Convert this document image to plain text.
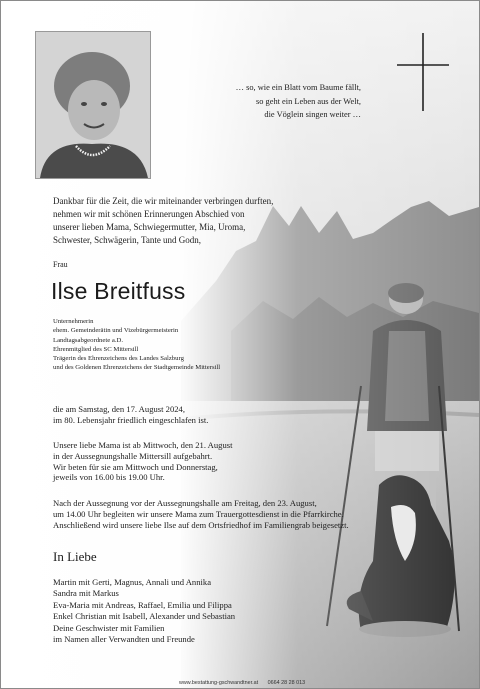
… so, wie ein Blatt vom Baume fällt,
so geht ein Leben aus der Welt,
die Vöglein singen weiter …
Dankbar für die Zeit, die wir miteinander verbringen durften,
nehmen wir mit schönen Erinnerungen Abschied von
unserer lieben Mama, Schwiegermutter, Mia, Uroma,
Schwester, Schwägerin, Tante und Godn,
Frau
Ilse Breitfuss
Unternehmerin
ehem. Gemeinderätin und Vizebürgermeisterin
Landtagsabgeordnete a.D.
Ehrenmitglied des SC Mittersill
Trägerin des Ehrenzeichens des Landes Salzburg
und des Goldenen Ehrenzeichens der Stadtgemeinde Mittersill
die am Samstag, den 17. August 2024,
im 80. Lebensjahr friedlich eingeschlafen ist.
Unsere liebe Mama ist ab Mittwoch, den 21. August
in der Aussegnungshalle Mittersill aufgebahrt.
Wir beten für sie am Mittwoch und Donnerstag,
jeweils von 16.00 bis 19.00 Uhr.
Nach der Aussegnung vor der Aussegnungshalle am Freitag, den 23. August,
um 14.00 Uhr begleiten wir unsere Mama zum Trauergottesdienst in die Pfarrkirche.
Anschließend wird unsere liebe Ilse auf dem Ortsfriedhof im Familiengrab beigesetzt.
In Liebe
Martin mit Gerti, Magnus, Annali und Annika
Sandra mit Markus
Eva-Maria mit Andreas, Raffael, Emilia und Filippa
Enkel Christian mit Isabell, Alexander und Sebastian
Deine Geschwister mit Familien
im Namen aller Verwandten und Freunde
www.bestattung-gschwandtner.at 0664 28 28 013
